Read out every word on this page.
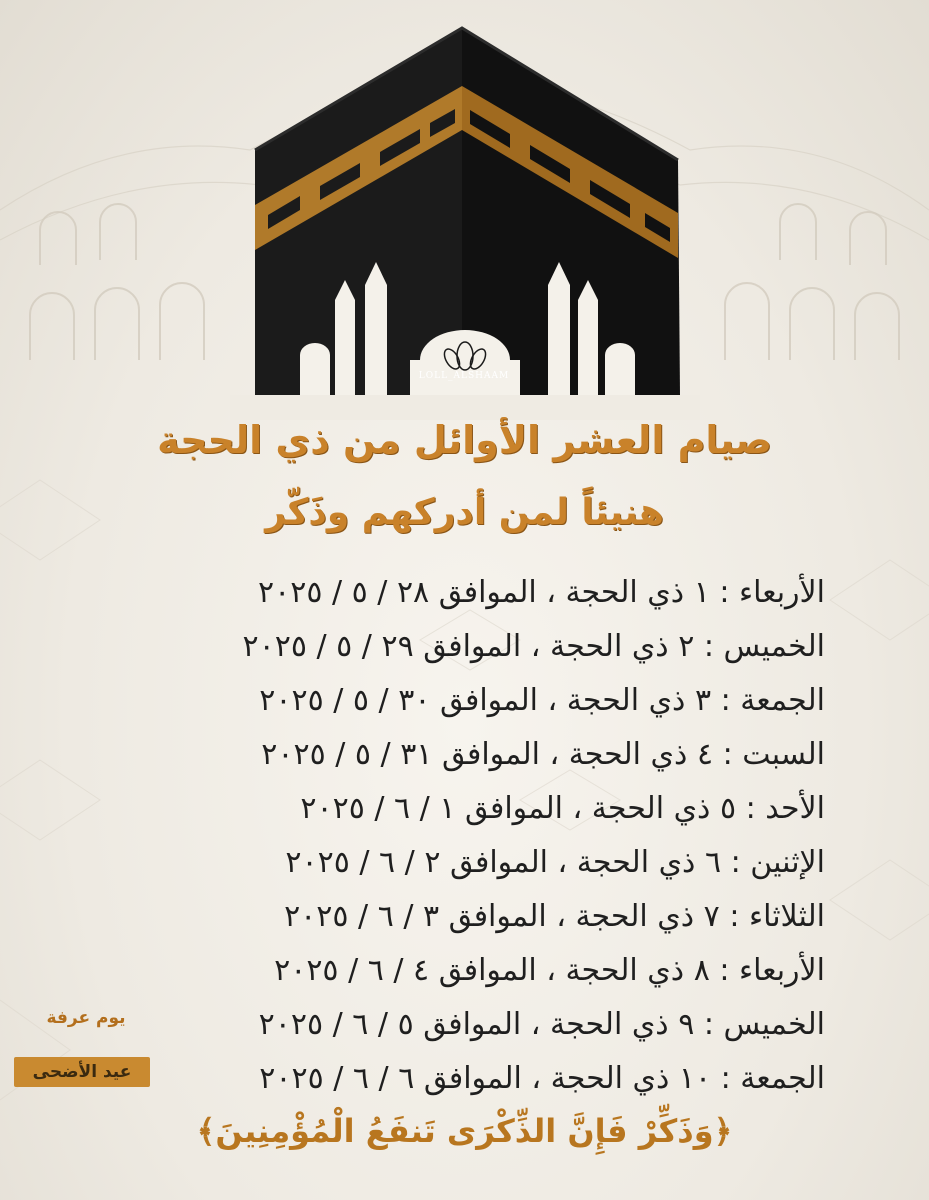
LOLL_ALSHAAM
صيام العشر الأوائل من ذي الحجة
هنيئاً لمن أدركهم وذَكّر
الأربعاء : ١ ذي الحجة ، الموافق ٢٨ / ٥ / ٢٠٢٥
الخميس : ٢ ذي الحجة ، الموافق ٢٩ / ٥ / ٢٠٢٥
الجمعة : ٣ ذي الحجة ، الموافق ٣٠ / ٥ / ٢٠٢٥
السبت : ٤ ذي الحجة ، الموافق ٣١ / ٥ / ٢٠٢٥
الأحد : ٥ ذي الحجة ، الموافق ١ / ٦ / ٢٠٢٥
الإثنين : ٦ ذي الحجة ، الموافق ٢ / ٦ / ٢٠٢٥
الثلاثاء : ٧ ذي الحجة ، الموافق ٣ / ٦ / ٢٠٢٥
الأربعاء : ٨ ذي الحجة ، الموافق ٤ / ٦ / ٢٠٢٥
الخميس : ٩ ذي الحجة ، الموافق ٥ / ٦ / ٢٠٢٥
الجمعة : ١٠ ذي الحجة ، الموافق ٦ / ٦ / ٢٠٢٥
يوم عرفة
عيد الأضحى
﴿وَذَكِّرْ فَإِنَّ الذِّكْرَى تَنفَعُ الْمُؤْمِنِينَ﴾
